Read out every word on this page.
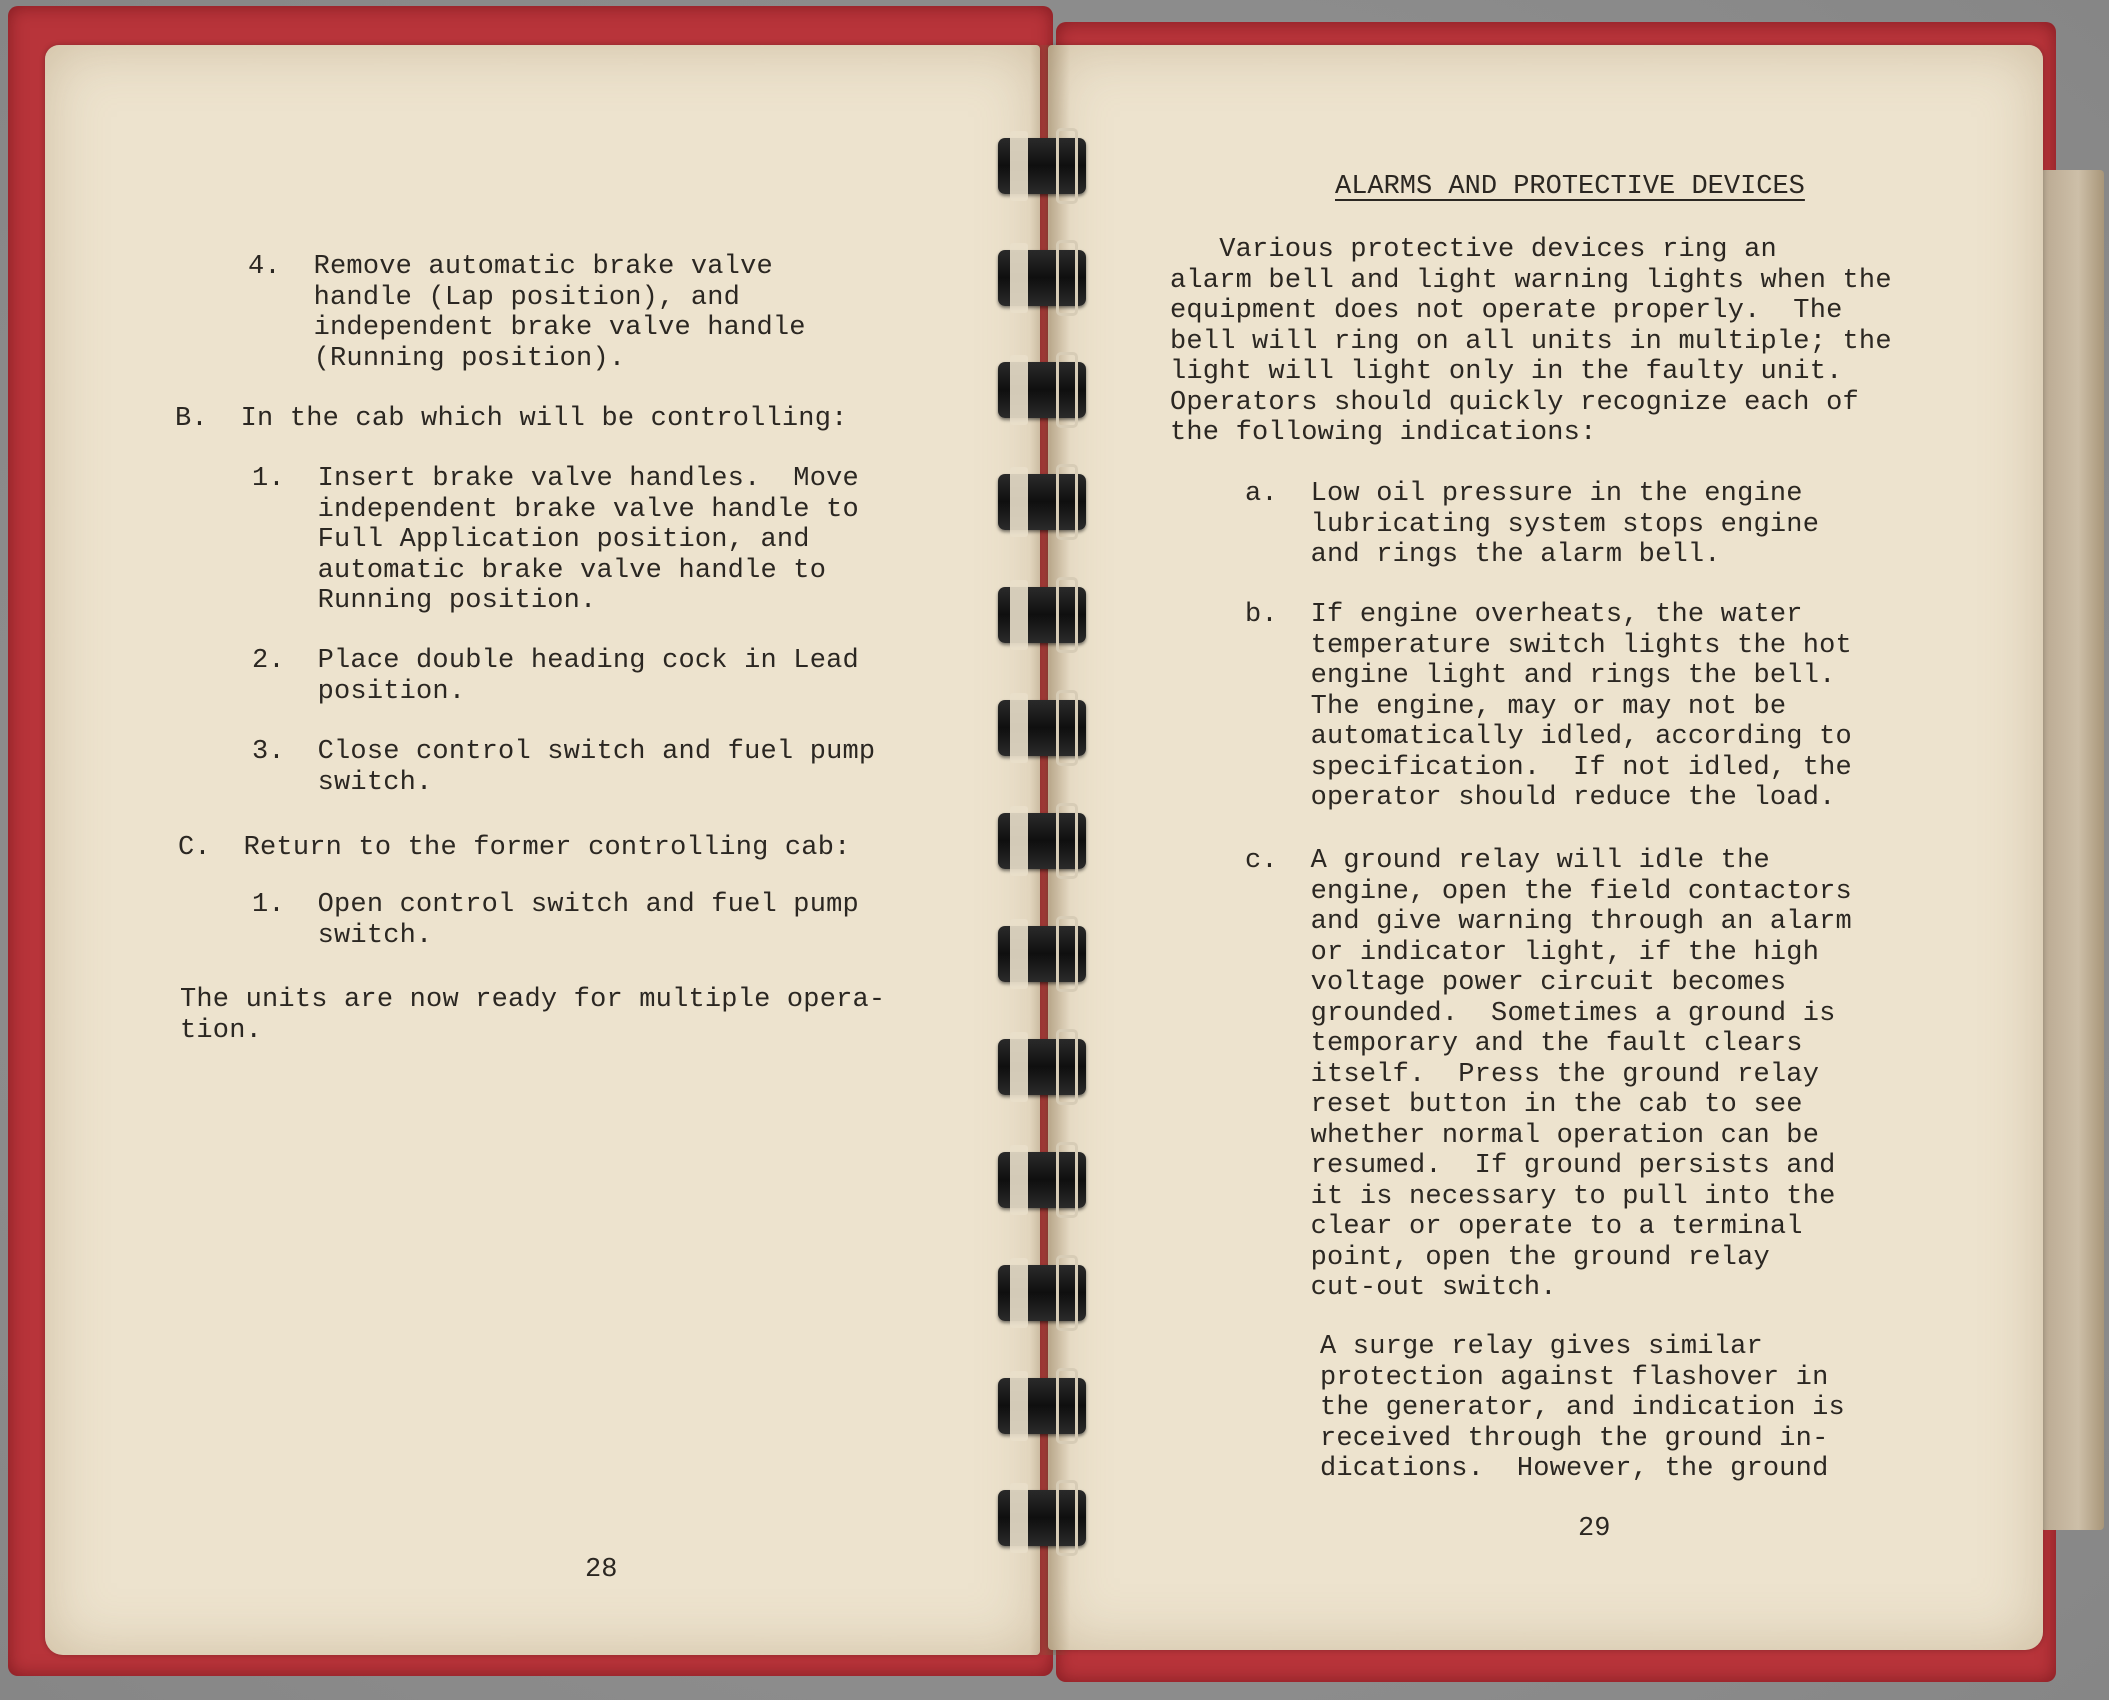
4.  Remove automatic brake valve
handle (Lap position), and
independent brake valve handle
(Running position).
B.  In the cab which will be controlling:
1.  Insert brake valve handles.  Move
independent brake valve handle to
Full Application position, and
automatic brake valve handle to
Running position.
2.  Place double heading cock in Lead
position.
3.  Close control switch and fuel pump
switch.
C.  Return to the former controlling cab:
1.  Open control switch and fuel pump
switch.
The units are now ready for multiple opera-
tion.
28
ALARMS AND PROTECTIVE DEVICES
Various protective devices ring an
alarm bell and light warning lights when the
equipment does not operate properly.  The
bell will ring on all units in multiple; the
light will light only in the faulty unit.
Operators should quickly recognize each of
the following indications:
a.  Low oil pressure in the engine
lubricating system stops engine
and rings the alarm bell.
b.  If engine overheats, the water
temperature switch lights the hot
engine light and rings the bell.
The engine, may or may not be
automatically idled, according to
specification.  If not idled, the
operator should reduce the load.
c.  A ground relay will idle the
engine, open the field contactors
and give warning through an alarm
or indicator light, if the high
voltage power circuit becomes
grounded.  Sometimes a ground is
temporary and the fault clears
itself.  Press the ground relay
reset button in the cab to see
whether normal operation can be
resumed.  If ground persists and
it is necessary to pull into the
clear or operate to a terminal
point, open the ground relay
cut-out switch.
A surge relay gives similar
protection against flashover in
the generator, and indication is
received through the ground in-
dications.  However, the ground
29
